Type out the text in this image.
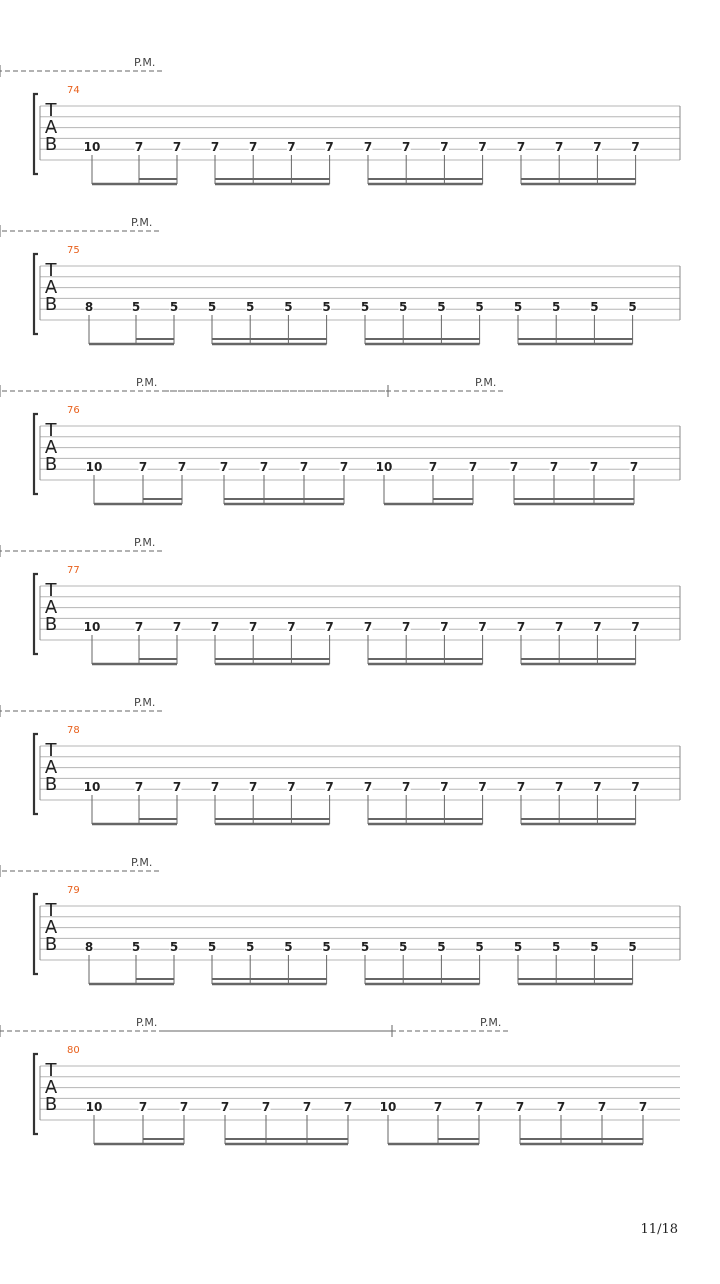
T
A
B
74
10	7 7 7 7 7 7	7 7 7 7	7 7 7 7
P.M.
T
A
B
75
8	5 5 5 5 5 5	5 5 5 5	5 5 5 5
P.M.
T
A
B
76
10	7	7	7	7	7	7 10	7	7	7	7	7	7
P.M.	P.M.
T
A
B
77
10	7 7 7 7 7 7	7 7 7 7	7 7 7 7
P.M.
T
A
B
78
10	7 7 7 7 7 7	7 7 7 7	7 7 7 7
P.M.
T
A
B
79
8	5 5 5 5 5 5	5 5 5 5	5 5 5 5
P.M.
T
A
B
80
10	7	7	7	7	7	7 10	7	7	7	7	7	7
P.M.	P.M.
11/18
